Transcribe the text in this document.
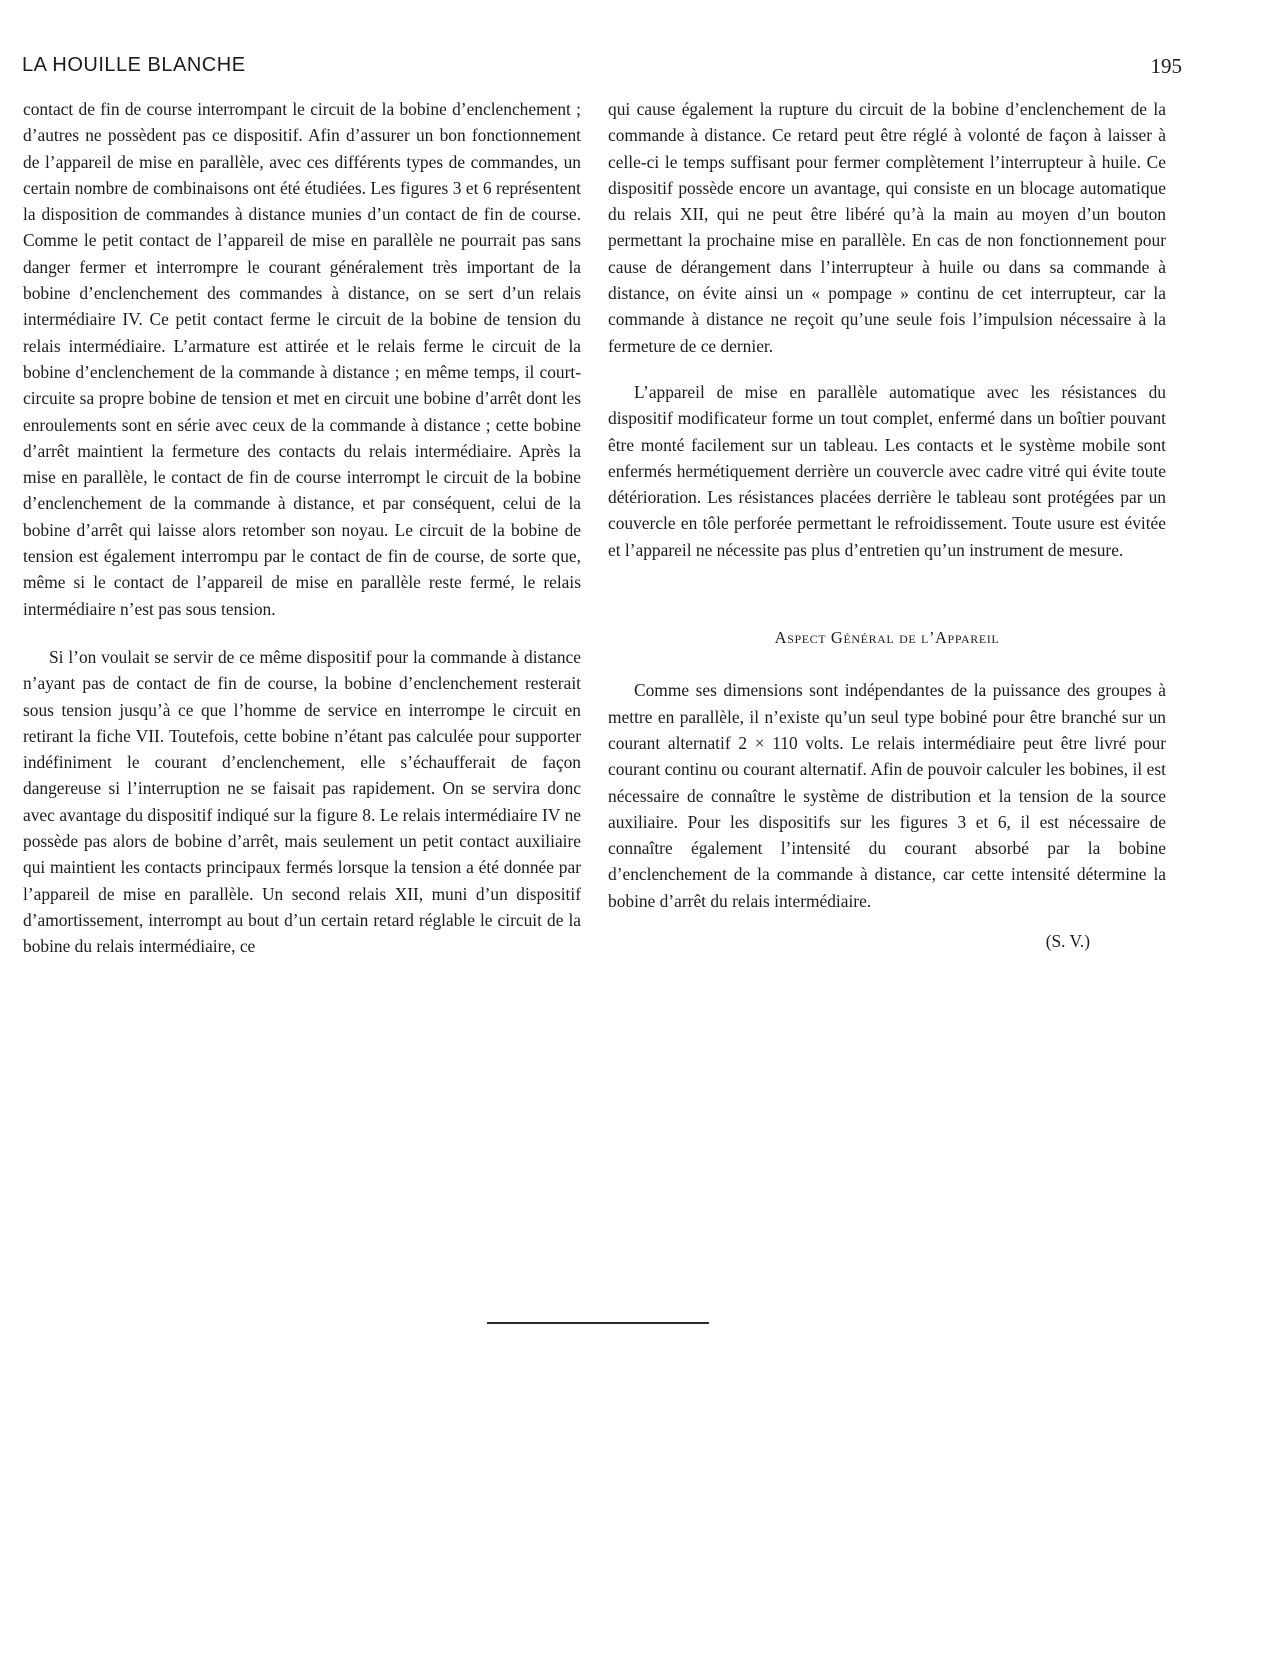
LA HOUILLE BLANCHE	195

contact de fin de course interrompant le circuit de la bobine d’enclenchement ; d’autres ne possèdent pas ce dispositif. Afin d’assurer un bon fonctionnement de l’appareil de mise en parallèle, avec ces différents types de commandes, un certain nombre de combinaisons ont été étudiées. Les figures 3 et 6 représentent la disposition de commandes à distance munies d’un contact de fin de course. Comme le petit contact de l’appareil de mise en parallèle ne pourrait pas sans danger fermer et interrompre le courant généralement très important de la bobine d’enclenchement des commandes à distance, on se sert d’un relais intermédiaire IV. Ce petit contact ferme le circuit de la bobine de tension du relais intermédiaire. L’armature est attirée et le relais ferme le circuit de la bobine d’enclenchement de la commande à distance ; en même temps, il court-circuite sa propre bobine de tension et met en circuit une bobine d’arrêt dont les enroulements sont en série avec ceux de la commande à distance ; cette bobine d’arrêt maintient la fermeture des contacts du relais intermédiaire. Après la mise en parallèle, le contact de fin de course interrompt le circuit de la bobine d’enclenchement de la commande à distance, et par conséquent, celui de la bobine d’arrêt qui laisse alors retomber son noyau. Le circuit de la bobine de tension est également interrompu par le contact de fin de course, de sorte que, même si le contact de l’appareil de mise en parallèle reste fermé, le relais intermédiaire n’est pas sous tension.

Si l’on voulait se servir de ce même dispositif pour la commande à distance n’ayant pas de contact de fin de course, la bobine d’enclenchement resterait sous tension jusqu’à ce que l’homme de service en interrompe le circuit en retirant la fiche VII. Toutefois, cette bobine n’étant pas calculée pour supporter indéfiniment le courant d’enclenchement, elle s’échaufferait de façon dangereuse si l’interruption ne se faisait pas rapidement. On se servira donc avec avantage du dispositif indiqué sur la figure 8. Le relais intermédiaire IV ne possède pas alors de bobine d’arrêt, mais seulement un petit contact auxiliaire qui maintient les contacts principaux fermés lorsque la tension a été donnée par l’appareil de mise en parallèle. Un second relais XII, muni d’un dispositif d’amortissement, interrompt au bout d’un certain retard réglable le circuit de la bobine du relais intermédiaire, ce

qui cause également la rupture du circuit de la bobine d’enclenchement de la commande à distance. Ce retard peut être réglé à volonté de façon à laisser à celle-ci le temps suffisant pour fermer complètement l’interrupteur à huile. Ce dispositif possède encore un avantage, qui consiste en un blocage automatique du relais XII, qui ne peut être libéré qu’à la main au moyen d’un bouton permettant la prochaine mise en parallèle. En cas de non fonctionnement pour cause de dérangement dans l’interrupteur à huile ou dans sa commande à distance, on évite ainsi un « pompage » continu de cet interrupteur, car la commande à distance ne reçoit qu’une seule fois l’impulsion nécessaire à la fermeture de ce dernier.

L’appareil de mise en parallèle automatique avec les résistances du dispositif modificateur forme un tout complet, enfermé dans un boîtier pouvant être monté facilement sur un tableau. Les contacts et le système mobile sont enfermés hermétiquement derrière un couvercle avec cadre vitré qui évite toute détérioration. Les résistances placées derrière le tableau sont protégées par un couvercle en tôle perforée permettant le refroidissement. Toute usure est évitée et l’appareil ne nécessite pas plus d’entretien qu’un instrument de mesure.

Aspect Général de l’Appareil

Comme ses dimensions sont indépendantes de la puissance des groupes à mettre en parallèle, il n’existe qu’un seul type bobiné pour être branché sur un courant alternatif 2 × 110 volts. Le relais intermédiaire peut être livré pour courant continu ou courant alternatif. Afin de pouvoir calculer les bobines, il est nécessaire de connaître le système de distribution et la tension de la source auxiliaire. Pour les dispositifs sur les figures 3 et 6, il est nécessaire de connaître également l’intensité du courant absorbé par la bobine d’enclenchement de la commande à distance, car cette intensité détermine la bobine d’arrêt du relais intermédiaire.

(S. V.)
